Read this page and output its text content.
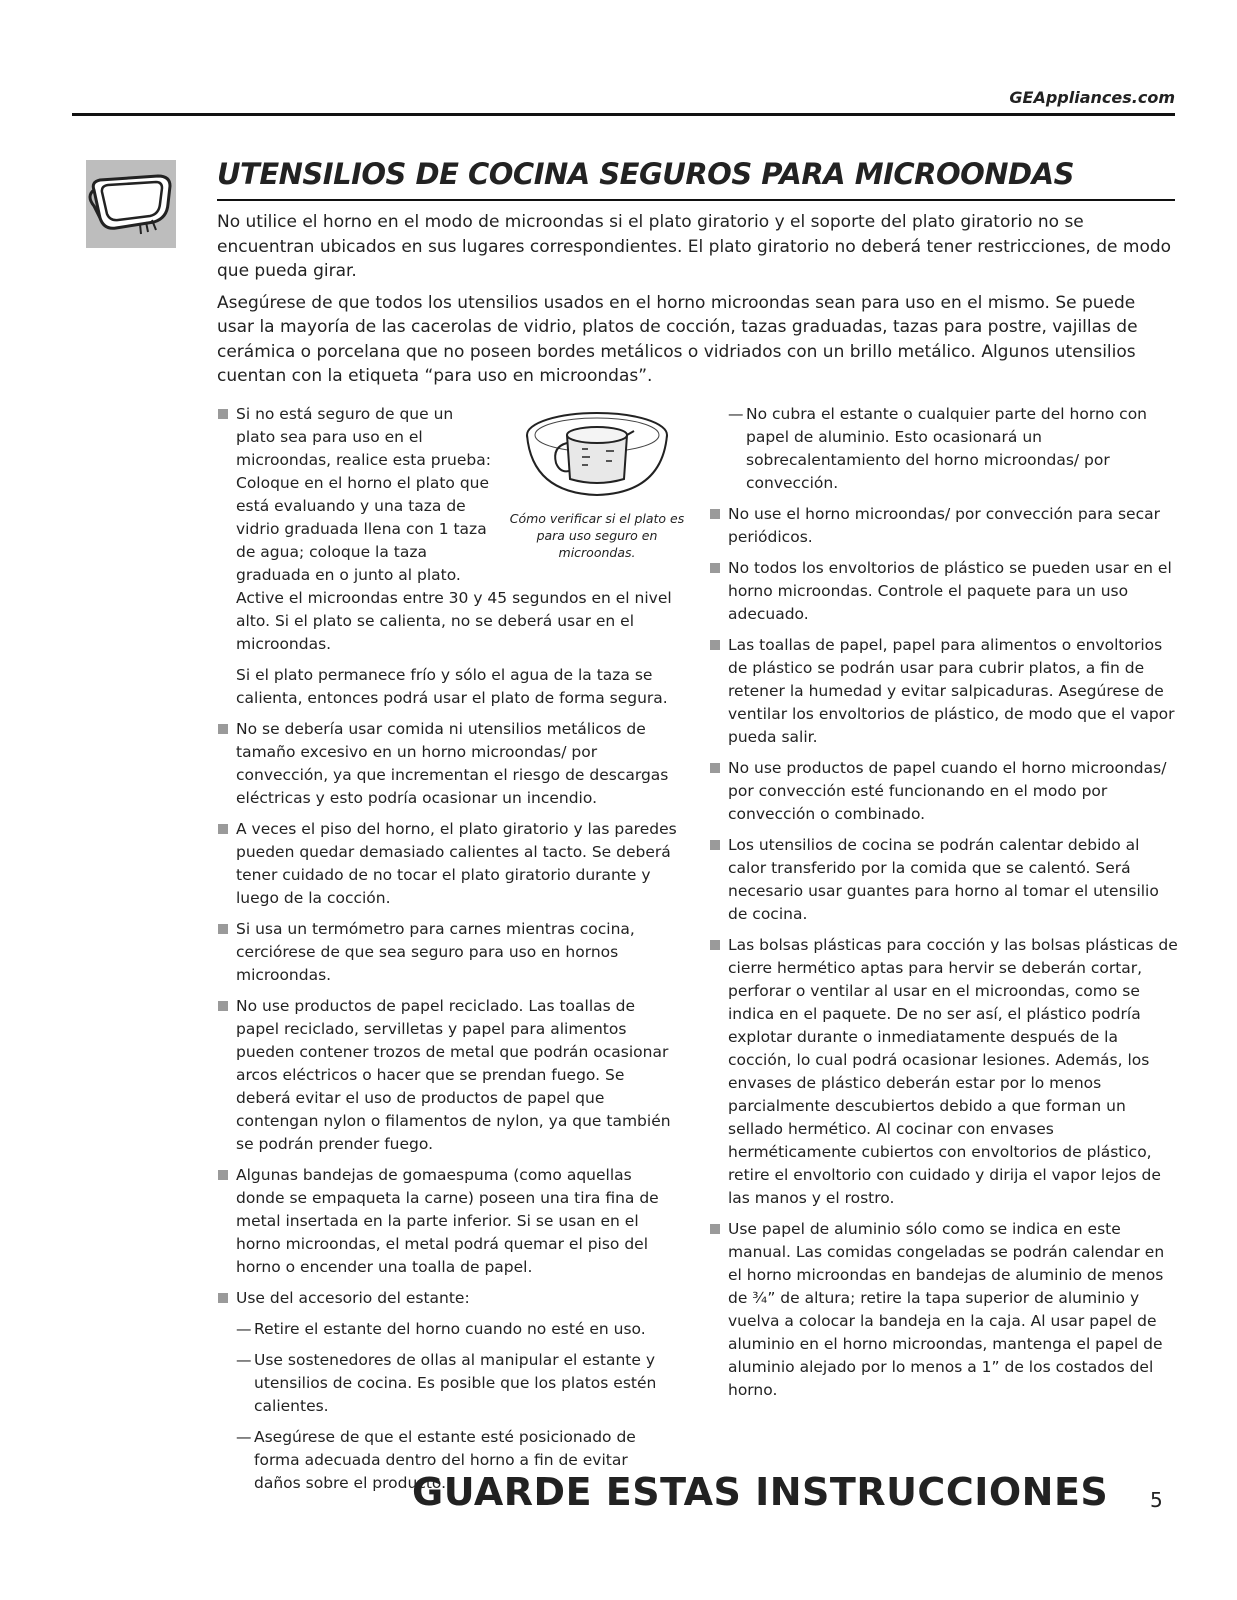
GEAppliances.com
UTENSILIOS DE COCINA SEGUROS PARA MICROONDAS

No utilice el horno en el modo de microondas si el plato giratorio y el soporte del plato giratorio no se encuentran ubicados en sus lugares correspondientes. El plato giratorio no deberá tener restricciones, de modo que pueda girar.

Asegúrese de que todos los utensilios usados en el horno microondas sean para uso en el mismo. Se puede usar la mayoría de las cacerolas de vidrio, platos de cocción, tazas graduadas, tazas para postre, vajillas de cerámica o porcelana que no poseen bordes metálicos o vidriados con un brillo metálico. Algunos utensilios cuentan con la etiqueta “para uso en microondas”.

Cómo verificar si el plato es para uso seguro en microondas.
Si no está seguro de que un plato sea para uso en el microondas, realice esta prueba: Coloque en el horno el plato que está evaluando y una taza de vidrio graduada llena con 1 taza de agua; coloque la taza graduada en o junto al plato. Active el microondas entre 30 y 45 segundos en el nivel alto. Si el plato se calienta, no se deberá usar en el microondas.
Si el plato permanece frío y sólo el agua de la taza se calienta, entonces podrá usar el plato de forma segura.
No se debería usar comida ni utensilios metálicos de tamaño excesivo en un horno microondas/ por convección, ya que incrementan el riesgo de descargas eléctricas y esto podría ocasionar un incendio.
A veces el piso del horno, el plato giratorio y las paredes pueden quedar demasiado calientes al tacto. Se deberá tener cuidado de no tocar el plato giratorio durante y luego de la cocción.
Si usa un termómetro para carnes mientras cocina, cerciórese de que sea seguro para uso en hornos microondas.
No use productos de papel reciclado. Las toallas de papel reciclado, servilletas y papel para alimentos pueden contener trozos de metal que podrán ocasionar arcos eléctricos o hacer que se prendan fuego. Se deberá evitar el uso de productos de papel que contengan nylon o filamentos de nylon, ya que también se podrán prender fuego.
Algunas bandejas de gomaespuma (como aquellas donde se empaqueta la carne) poseen una tira fina de metal insertada en la parte inferior. Si se usan en el horno microondas, el metal podrá quemar el piso del horno o encender una toalla de papel.
Use del accesorio del estante:
— Retire el estante del horno cuando no esté en uso.
— Use sostenedores de ollas al manipular el estante y utensilios de cocina. Es posible que los platos estén calientes.
— Asegúrese de que el estante esté posicionado de forma adecuada dentro del horno a fin de evitar daños sobre el producto.
— No cubra el estante o cualquier parte del horno con papel de aluminio. Esto ocasionará un sobrecalentamiento del horno microondas/ por convección.
No use el horno microondas/ por convección para secar periódicos.
No todos los envoltorios de plástico se pueden usar en el horno microondas. Controle el paquete para un uso adecuado.
Las toallas de papel, papel para alimentos o envoltorios de plástico se podrán usar para cubrir platos, a fin de retener la humedad y evitar salpicaduras. Asegúrese de ventilar los envoltorios de plástico, de modo que el vapor pueda salir.
No use productos de papel cuando el horno microondas/ por convección esté funcionando en el modo por convección o combinado.
Los utensilios de cocina se podrán calentar debido al calor transferido por la comida que se calentó. Será necesario usar guantes para horno al tomar el utensilio de cocina.
Las bolsas plásticas para cocción y las bolsas plásticas de cierre hermético aptas para hervir se deberán cortar, perforar o ventilar al usar en el microondas, como se indica en el paquete. De no ser así, el plástico podría explotar durante o inmediatamente después de la cocción, lo cual podrá ocasionar lesiones. Además, los envases de plástico deberán estar por lo menos parcialmente descubiertos debido a que forman un sellado hermético. Al cocinar con envases herméticamente cubiertos con envoltorios de plástico, retire el envoltorio con cuidado y dirija el vapor lejos de las manos y el rostro.
Use papel de aluminio sólo como se indica en este manual. Las comidas congeladas se podrán calendar en el horno microondas en bandejas de aluminio de menos de ¾” de altura; retire la tapa superior de aluminio y vuelva a colocar la bandeja en la caja. Al usar papel de aluminio en el horno microondas, mantenga el papel de aluminio alejado por lo menos a 1” de los costados del horno.
GUARDE ESTAS INSTRUCCIONES 5
